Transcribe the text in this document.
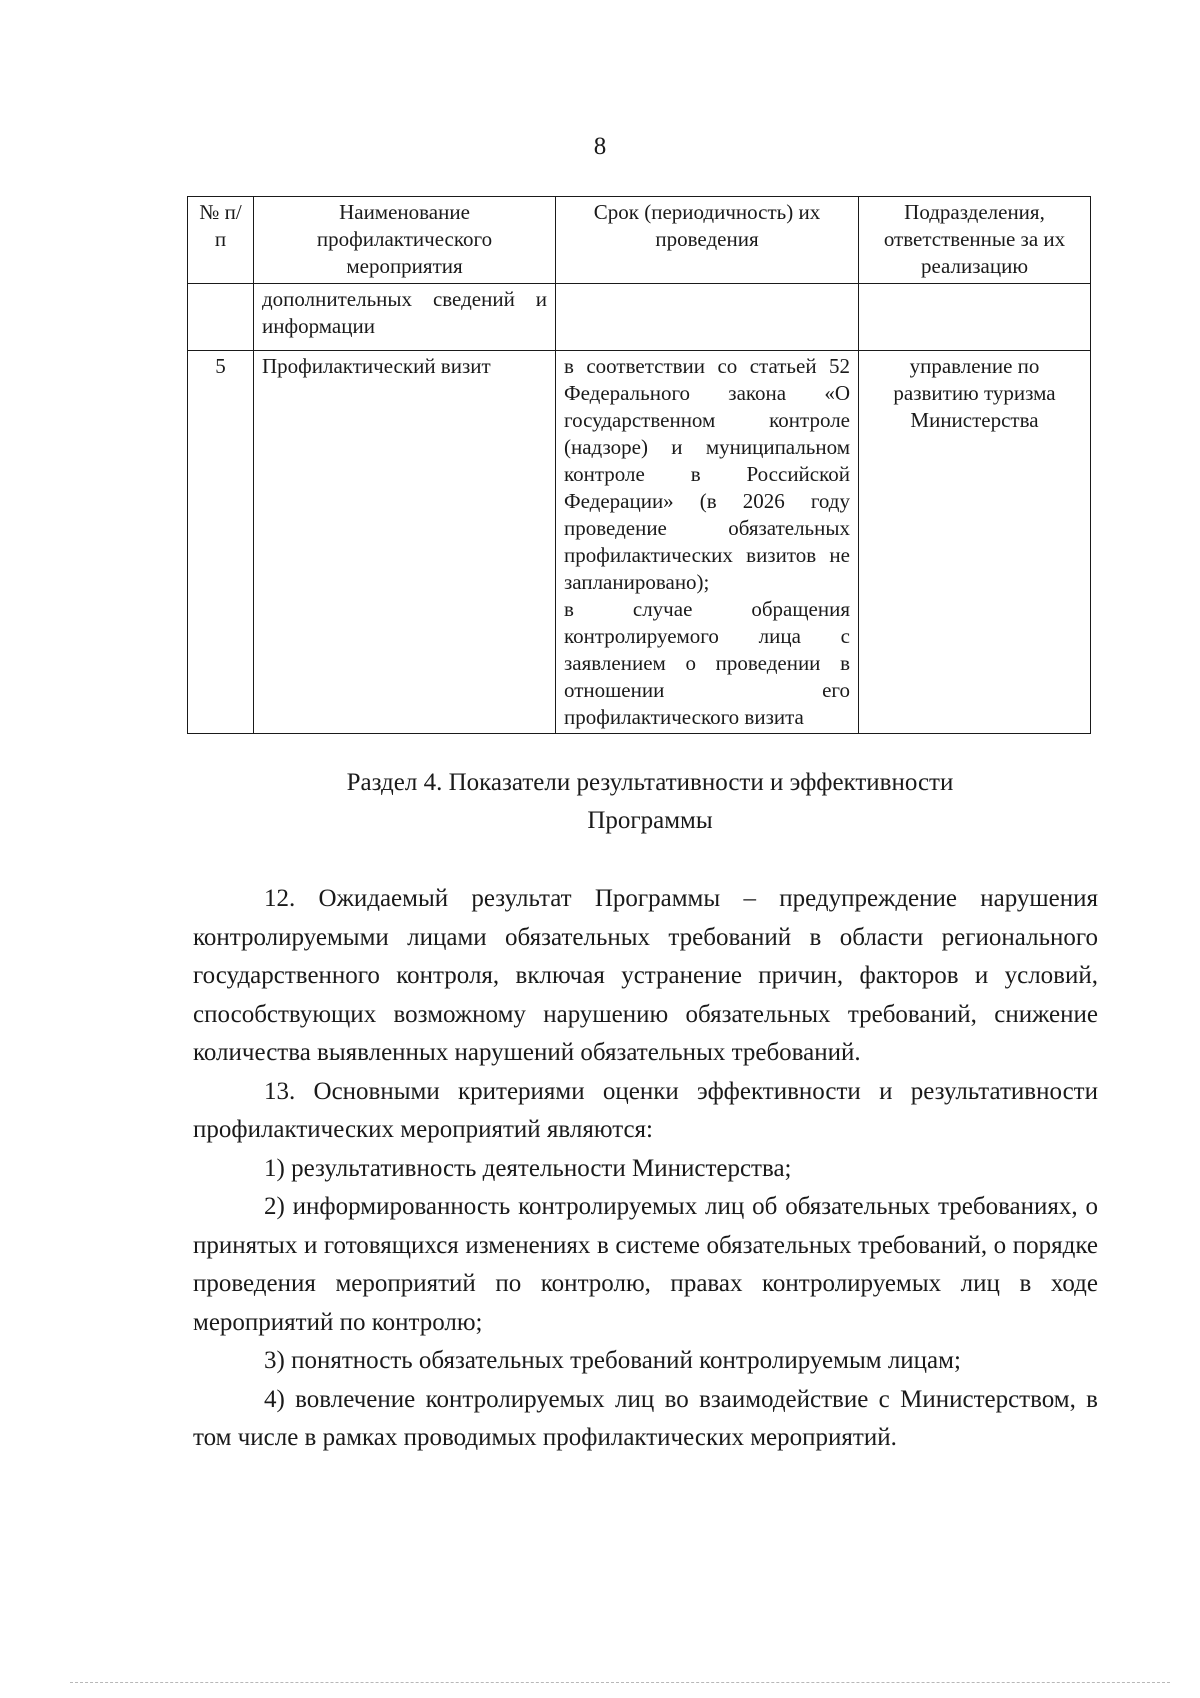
8
№ п/п	Наименование профилактического мероприятия	Срок (периодичность) их проведения	Подразделения, ответственные за их реализацию
	дополнительных сведений и информации		
5	Профилактический визит	в соответствии со статьей 52 Федерального закона «О государственном контроле (надзоре) и муниципальном контроле в Российской Федерации» (в 2026 году проведение обязательных профилактических визитов не запланировано);
в случае обращения контролируемого лица с заявлением о проведении в отношении его профилактического визита	управление по развитию туризма Министерства
Раздел 4. Показатели результативности и эффективности
Программы

12. Ожидаемый результат Программы – предупреждение нарушения контролируемыми лицами обязательных требований в области регионального государственного контроля, включая устранение причин, факторов и условий, способствующих возможному нарушению обязательных требований, снижение количества выявленных нарушений обязательных требований.

13. Основными критериями оценки эффективности и результативности профилактических мероприятий являются:

1) результативность деятельности Министерства;

2) информированность контролируемых лиц об обязательных требованиях, о принятых и готовящихся изменениях в системе обязательных требований, о порядке проведения мероприятий по контролю, правах контролируемых лиц в ходе мероприятий по контролю;

3) понятность обязательных требований контролируемым лицам;

4) вовлечение контролируемых лиц во взаимодействие с Министерством, в том числе в рамках проводимых профилактических мероприятий.
